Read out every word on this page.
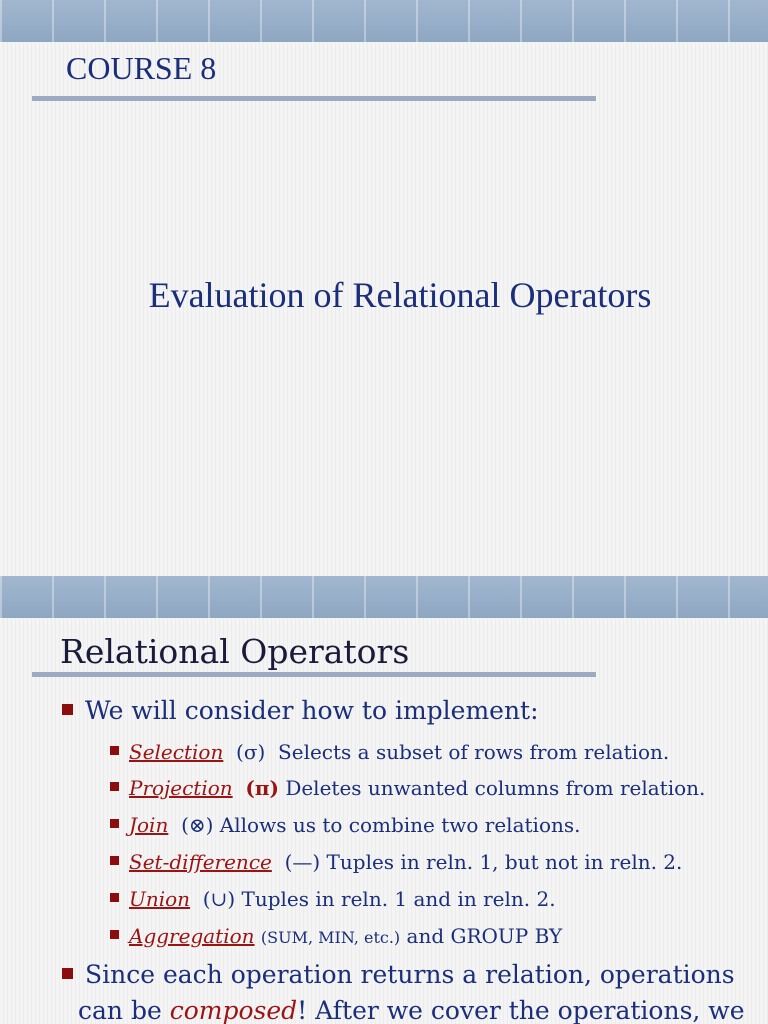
COURSE 8
Evaluation of Relational Operators
Relational Operators
We will consider how to implement:
Selection (σ) Selects a subset of rows from relation.
Projection (π) Deletes unwanted columns from relation.
Join (⊗) Allows us to combine two relations.
Set-difference (—) Tuples in reln. 1, but not in reln. 2.
Union (∪) Tuples in reln. 1 and in reln. 2.
Aggregation (SUM, MIN, etc.) and GROUP BY
Since each operation returns a relation, operations
can be composed! After we cover the operations, we
